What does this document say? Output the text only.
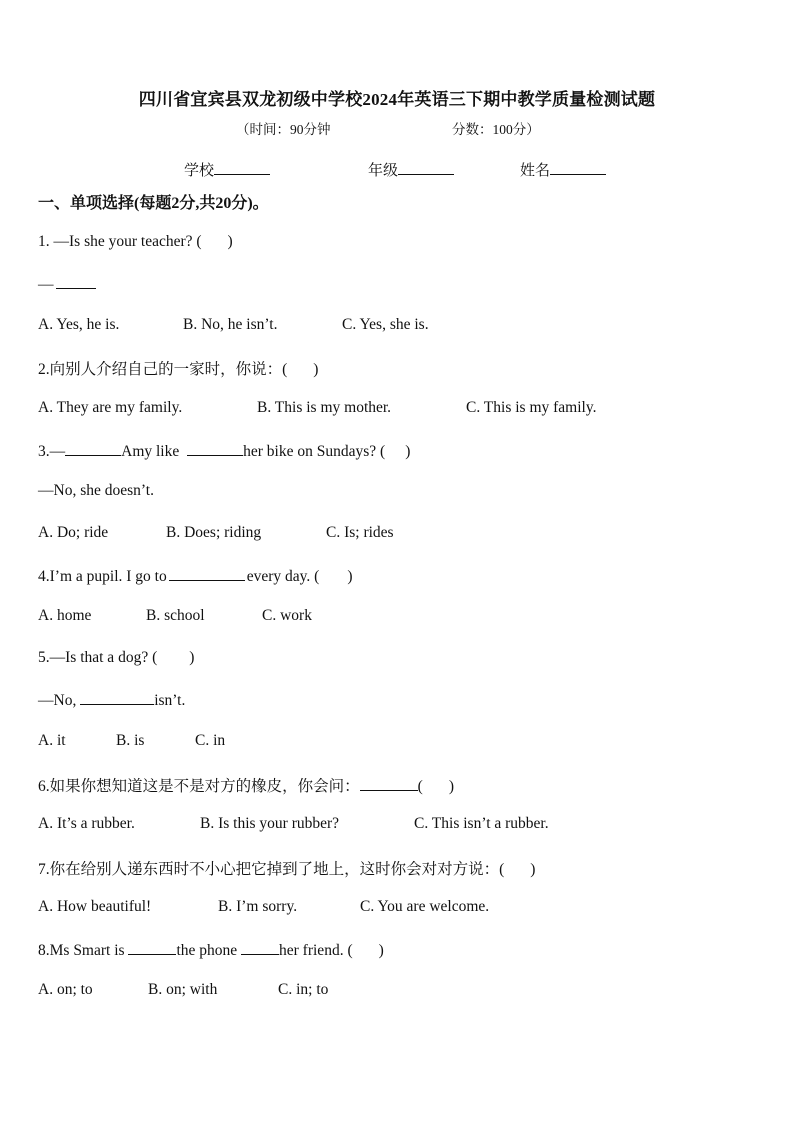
四川省宜宾县双龙初级中学校2024年英语三下期中教学质量检测试题
（时间：90分钟	分数：100分）
学校	年级	姓名
一、单项选择(每题2分,共20分)。
1. —Is she your teacher? ( )
—
A. Yes, he is.	B. No, he isn’t.	C. Yes, she is.
2.向别人介绍自己的一家时，你说：( )
A. They are my family.	B. This is my mother.	C. This is my family.
3.—	Amy like	her bike on Sundays? ( )
—No, she doesn’t.
A. Do; ride	B. Does; riding	C. Is; rides
4.I’m a pupil. I go to	every day. ( )
A. home	B. school	C. work
5.—Is that a dog? ( )
—No,	isn’t.
A. it	B. is	C. in
6.如果你想知道这是不是对方的橡皮，你会问：	( )
A. It’s a rubber.	B. Is this your rubber?	C. This isn’t a rubber.
7.你在给别人递东西时不小心把它掉到了地上，这时你会对对方说：( )
A. How beautiful!	B. I’m sorry.	C. You are welcome.
8.Ms Smart is	the phone	her friend. ( )
A. on; to	B. on; with	C. in; to
